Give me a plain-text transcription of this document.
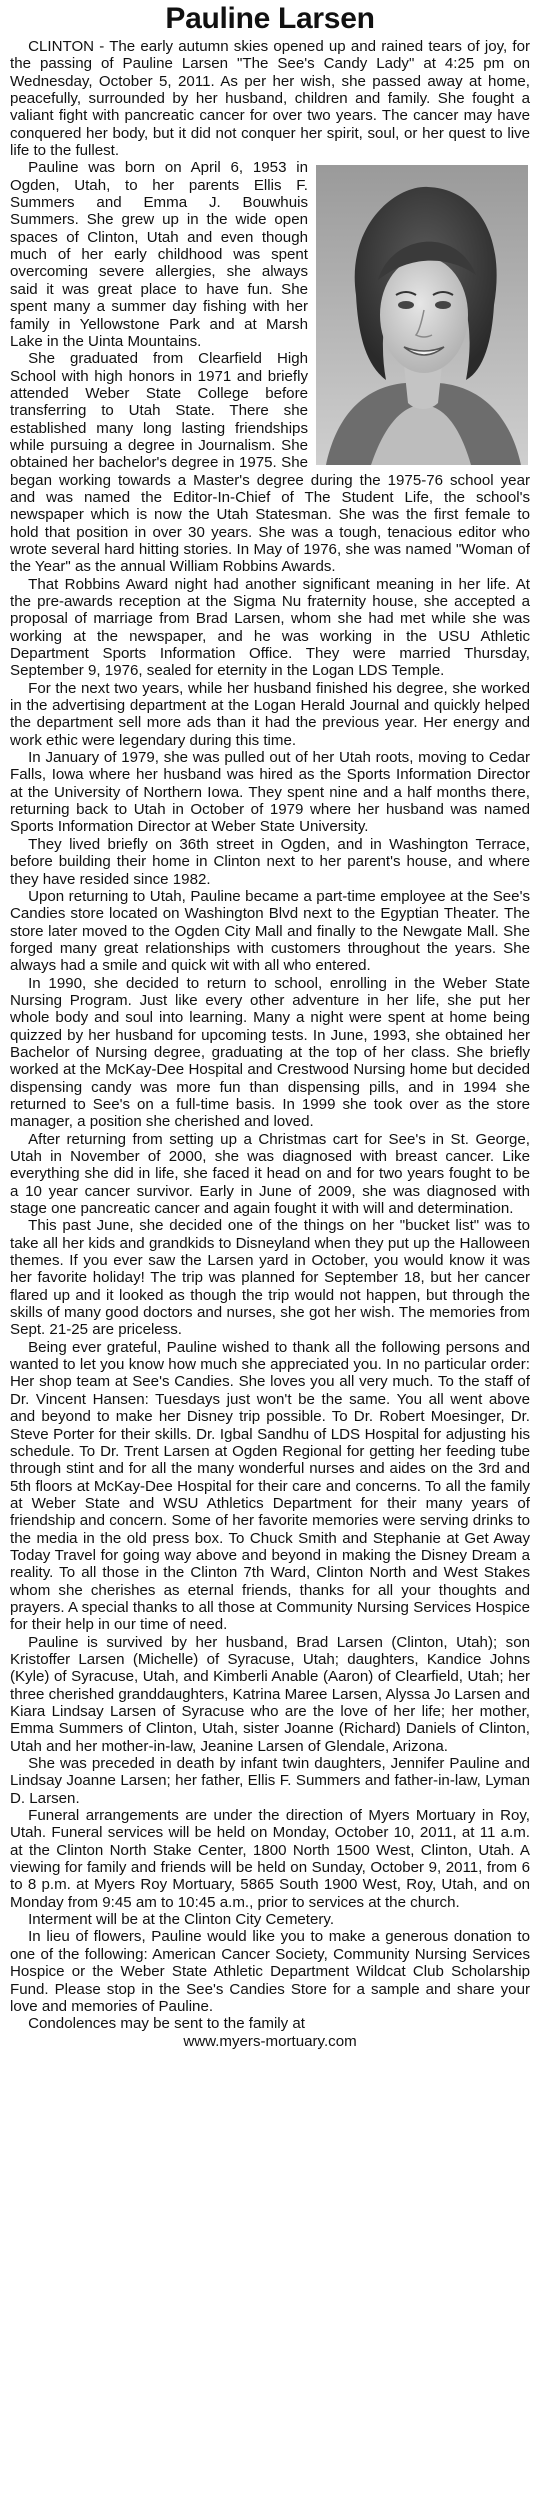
Pauline Larsen

CLINTON - The early autumn skies opened up and rained tears of joy, for the passing of Pauline Larsen "The See's Candy Lady" at 4:25 pm on Wednesday, October 5, 2011. As per her wish, she passed away at home, peacefully, surrounded by her husband, children and family. She fought a valiant fight with pancreatic cancer for over two years. The cancer may have conquered her body, but it did not conquer her spirit, soul, or her quest to live life to the fullest.

Pauline was born on April 6, 1953 in Ogden, Utah, to her parents Ellis F. Summers and Emma J. Bouwhuis Summers. She grew up in the wide open spaces of Clinton, Utah and even though much of her early childhood was spent overcoming severe allergies, she always said it was great place to have fun. She spent many a summer day fishing with her family in Yellowstone Park and at Marsh Lake in the Uinta Mountains.

She graduated from Clearfield High School with high honors in 1971 and briefly attended Weber State College before transferring to Utah State. There she established many long lasting friendships while pursuing a degree in Journalism. She obtained her bachelor's degree in 1975. She began working towards a Master's degree during the 1975-76 school year and was named the Editor-In-Chief of The Student Life, the school's newspaper which is now the Utah Statesman. She was the first female to hold that position in over 30 years. She was a tough, tenacious editor who wrote several hard hitting stories. In May of 1976, she was named "Woman of the Year" as the annual William Robbins Awards.

That Robbins Award night had another significant meaning in her life. At the pre-awards reception at the Sigma Nu fraternity house, she accepted a proposal of marriage from Brad Larsen, whom she had met while she was working at the newspaper, and he was working in the USU Athletic Department Sports Information Office. They were married Thursday, September 9, 1976, sealed for eternity in the Logan LDS Temple.

For the next two years, while her husband finished his degree, she worked in the advertising department at the Logan Herald Journal and quickly helped the department sell more ads than it had the previous year. Her energy and work ethic were legendary during this time.

In January of 1979, she was pulled out of her Utah roots, moving to Cedar Falls, Iowa where her husband was hired as the Sports Information Director at the University of Northern Iowa. They spent nine and a half months there, returning back to Utah in October of 1979 where her husband was named Sports Information Director at Weber State University.

They lived briefly on 36th street in Ogden, and in Washington Terrace, before building their home in Clinton next to her parent's house, and where they have resided since 1982.

Upon returning to Utah, Pauline became a part-time employee at the See's Candies store located on Washington Blvd next to the Egyptian Theater. The store later moved to the Ogden City Mall and finally to the Newgate Mall. She forged many great relationships with customers throughout the years. She always had a smile and quick wit with all who entered.

In 1990, she decided to return to school, enrolling in the Weber State Nursing Program. Just like every other adventure in her life, she put her whole body and soul into learning. Many a night were spent at home being quizzed by her husband for upcoming tests. In June, 1993, she obtained her Bachelor of Nursing degree, graduating at the top of her class. She briefly worked at the McKay-Dee Hospital and Crestwood Nursing home but decided dispensing candy was more fun than dispensing pills, and in 1994 she returned to See's on a full-time basis. In 1999 she took over as the store manager, a position she cherished and loved.

After returning from setting up a Christmas cart for See's in St. George, Utah in November of 2000, she was diagnosed with breast cancer. Like everything she did in life, she faced it head on and for two years fought to be a 10 year cancer survivor. Early in June of 2009, she was diagnosed with stage one pancreatic cancer and again fought it with will and determination.

This past June, she decided one of the things on her "bucket list" was to take all her kids and grandkids to Disneyland when they put up the Halloween themes. If you ever saw the Larsen yard in October, you would know it was her favorite holiday! The trip was planned for September 18, but her cancer flared up and it looked as though the trip would not happen, but through the skills of many good doctors and nurses, she got her wish. The memories from Sept. 21-25 are priceless.

Being ever grateful, Pauline wished to thank all the following persons and wanted to let you know how much she appreciated you. In no particular order: Her shop team at See's Candies. She loves you all very much. To the staff of Dr. Vincent Hansen: Tuesdays just won't be the same. You all went above and beyond to make her Disney trip possible. To Dr. Robert Moesinger, Dr. Steve Porter for their skills. Dr. Igbal Sandhu of LDS Hospital for adjusting his schedule. To Dr. Trent Larsen at Ogden Regional for getting her feeding tube through stint and for all the many wonderful nurses and aides on the 3rd and 5th floors at McKay-Dee Hospital for their care and concerns. To all the family at Weber State and WSU Athletics Department for their many years of friendship and concern. Some of her favorite memories were serving drinks to the media in the old press box. To Chuck Smith and Stephanie at Get Away Today Travel for going way above and beyond in making the Disney Dream a reality. To all those in the Clinton 7th Ward, Clinton North and West Stakes whom she cherishes as eternal friends, thanks for all your thoughts and prayers. A special thanks to all those at Community Nursing Services Hospice for their help in our time of need.

Pauline is survived by her husband, Brad Larsen (Clinton, Utah); son Kristoffer Larsen (Michelle) of Syracuse, Utah; daughters, Kandice Johns (Kyle) of Syracuse, Utah, and Kimberli Anable (Aaron) of Clearfield, Utah; her three cherished granddaughters, Katrina Maree Larsen, Alyssa Jo Larsen and Kiara Lindsay Larsen of Syracuse who are the love of her life; her mother, Emma Summers of Clinton, Utah, sister Joanne (Richard) Daniels of Clinton, Utah and her mother-in-law, Jeanine Larsen of Glendale, Arizona.

She was preceded in death by infant twin daughters, Jennifer Pauline and Lindsay Joanne Larsen; her father, Ellis F. Summers and father-in-law, Lyman D. Larsen.

Funeral arrangements are under the direction of Myers Mortuary in Roy, Utah. Funeral services will be held on Monday, October 10, 2011, at 11 a.m. at the Clinton North Stake Center, 1800 North 1500 West, Clinton, Utah. A viewing for family and friends will be held on Sunday, October 9, 2011, from 6 to 8 p.m. at Myers Roy Mortuary, 5865 South 1900 West, Roy, Utah, and on Monday from 9:45 am to 10:45 a.m., prior to services at the church.

Interment will be at the Clinton City Cemetery.

In lieu of flowers, Pauline would like you to make a generous donation to one of the following: American Cancer Society, Community Nursing Services Hospice or the Weber State Athletic Department Wildcat Club Scholarship Fund. Please stop in the See's Candies Store for a sample and share your love and memories of Pauline.

Condolences may be sent to the family at

www.myers-mortuary.com
